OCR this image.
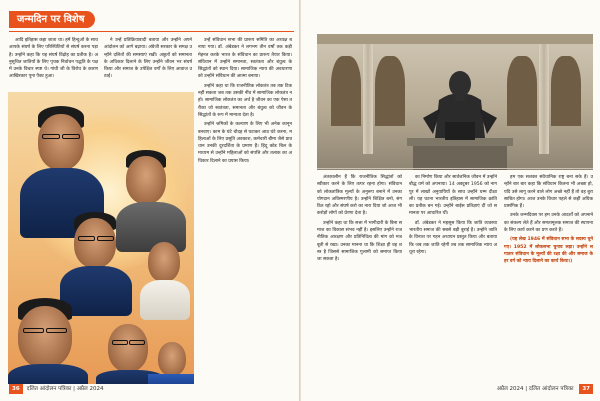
जन्मदिन पर विशेष

आदि इतिहास कहा जाता था। हमें हिन्दुओं के साथ आपके संघर्ष के लिए परिस्थितियों से संघर्ष करना पड़ा है। उन्होंने कहा कि यह संघर्ष विद्रोह का प्रतीक है। अनुसूचित जातियों के लिए पृथक निर्वाचन पद्धति के पक्ष में उनके विचार स्पष्ट थे। गांधी जी के विरोध के कारण आखिरकार पूना पैक्ट हुआ।

ने उन्हें प्रतिक्रियावादी बताया और उन्होंने अपने आंदोलन को आगे बढ़ाया। अंग्रेजी सरकार के समक्ष उन्होंने दलितों की समस्याएं रखीं। अछूतों को समानता के अधिकार दिलाने के लिए उन्होंने जीवन भर संघर्ष किया और समाज के उपेक्षित वर्गों के लिए आवाज उठाई।

उन्हें संविधान सभा की प्रारूप समिति का अध्यक्ष बनाया गया। डॉ. अंबेडकर ने लगभग तीन वर्षों तक कड़ी मेहनत करके भारत के संविधान का प्रारूप तैयार किया। संविधान में उन्होंने समानता, स्वतंत्रता और बंधुत्व के सिद्धांतों को स्थान दिया। सामाजिक न्याय की अवधारणा को उन्होंने संविधान की आत्मा बनाया।

उन्होंने कहा था कि राजनीतिक लोकतंत्र तब तक टिक नहीं सकता जब तक उसकी नींव में सामाजिक लोकतंत्र न हो। सामाजिक लोकतंत्र का अर्थ है जीवन का एक ऐसा तरीका जो स्वतंत्रता, समानता और बंधुत्व को जीवन के सिद्धांतों के रूप में मान्यता देता है।

उन्होंने श्रमिकों के कल्याण के लिए भी अनेक कानून बनवाए। काम के घंटे चौदह से घटाकर आठ घंटे करना, महिलाओं के लिए प्रसूति अवकाश, कर्मचारी बीमा जैसे प्रावधान उनकी दूरदर्शिता के प्रमाण हैं। हिंदू कोड बिल के माध्यम से उन्होंने महिलाओं को संपत्ति और तलाक का अधिकार दिलाने का प्रयास किया।

36 दलित आंदोलन पत्रिका | अप्रैल 2024

अंतकालीन हैं कि राजनीतिक सिद्धांतों को स्वीकार करने के लिए तत्पर रहना होगा। संविधान को लोकतांत्रिक मूल्यों के अनुरूप बनाने में उनका योगदान अविस्मरणीय है। उन्होंने शिक्षित बनो, संगठित रहो और संघर्ष करो का नारा दिया जो आज भी करोड़ों लोगों को प्रेरणा देता है।

उन्होंने कहा था कि सत्ता में भागीदारी के बिना समाज का विकास संभव नहीं है। इसलिए उन्होंने राजनीतिक आरक्षण और प्रतिनिधित्व की मांग को मजबूती से रखा। उनका मानना था कि शिक्षा ही वह शस्त्र है जिससे सामाजिक गुलामी को समाप्त किया जा सकता है।

का निर्माण किया और सार्वजनिक जीवन में उन्होंने बौद्ध धर्म को अपनाया। 14 अक्टूबर 1956 को नागपुर में लाखों अनुयायियों के साथ उन्होंने धम्म दीक्षा ली। यह घटना भारतीय इतिहास में सामाजिक क्रांति का प्रतीक बन गई। उन्होंने बाईस प्रतिज्ञाएं दीं जो समानता पर आधारित थीं।

डॉ. अंबेडकर ने महसूस किया कि जाति व्यवस्था भारतीय समाज की सबसे बड़ी बुराई है। उन्होंने जाति के विनाश पर गहन अध्ययन प्रस्तुत किया और बताया कि जब तक जाति रहेगी तब तक सामाजिक न्याय अधूरा रहेगा।

हम एक सशक्त संवैधानिक राष्ट्र बना सके हैं। उन्होंने बार बार कहा कि संविधान कितना भी अच्छा हो, यदि उसे लागू करने वाले लोग अच्छे नहीं हैं तो वह बुरा साबित होगा। आज उनके विचार पहले से कहीं अधिक प्रासंगिक हैं।

उनके जन्मदिवस पर हम उनके आदर्शों को अपनाने का संकल्प लेते हैं और समतामूलक समाज की स्थापना के लिए कार्य करने का प्रण करते हैं।

(यह लेख 1946 में संविधान सभा के सदस्य चुने गए। 1952 में लोकसभा चुनाव लड़ा। उन्होंने लगातार संविधान के मूल्यों की रक्षा की और समाज के हर वर्ग को न्याय दिलाने का कार्य किया।)

अप्रैल 2024 | दलित आंदोलन पत्रिका 37
